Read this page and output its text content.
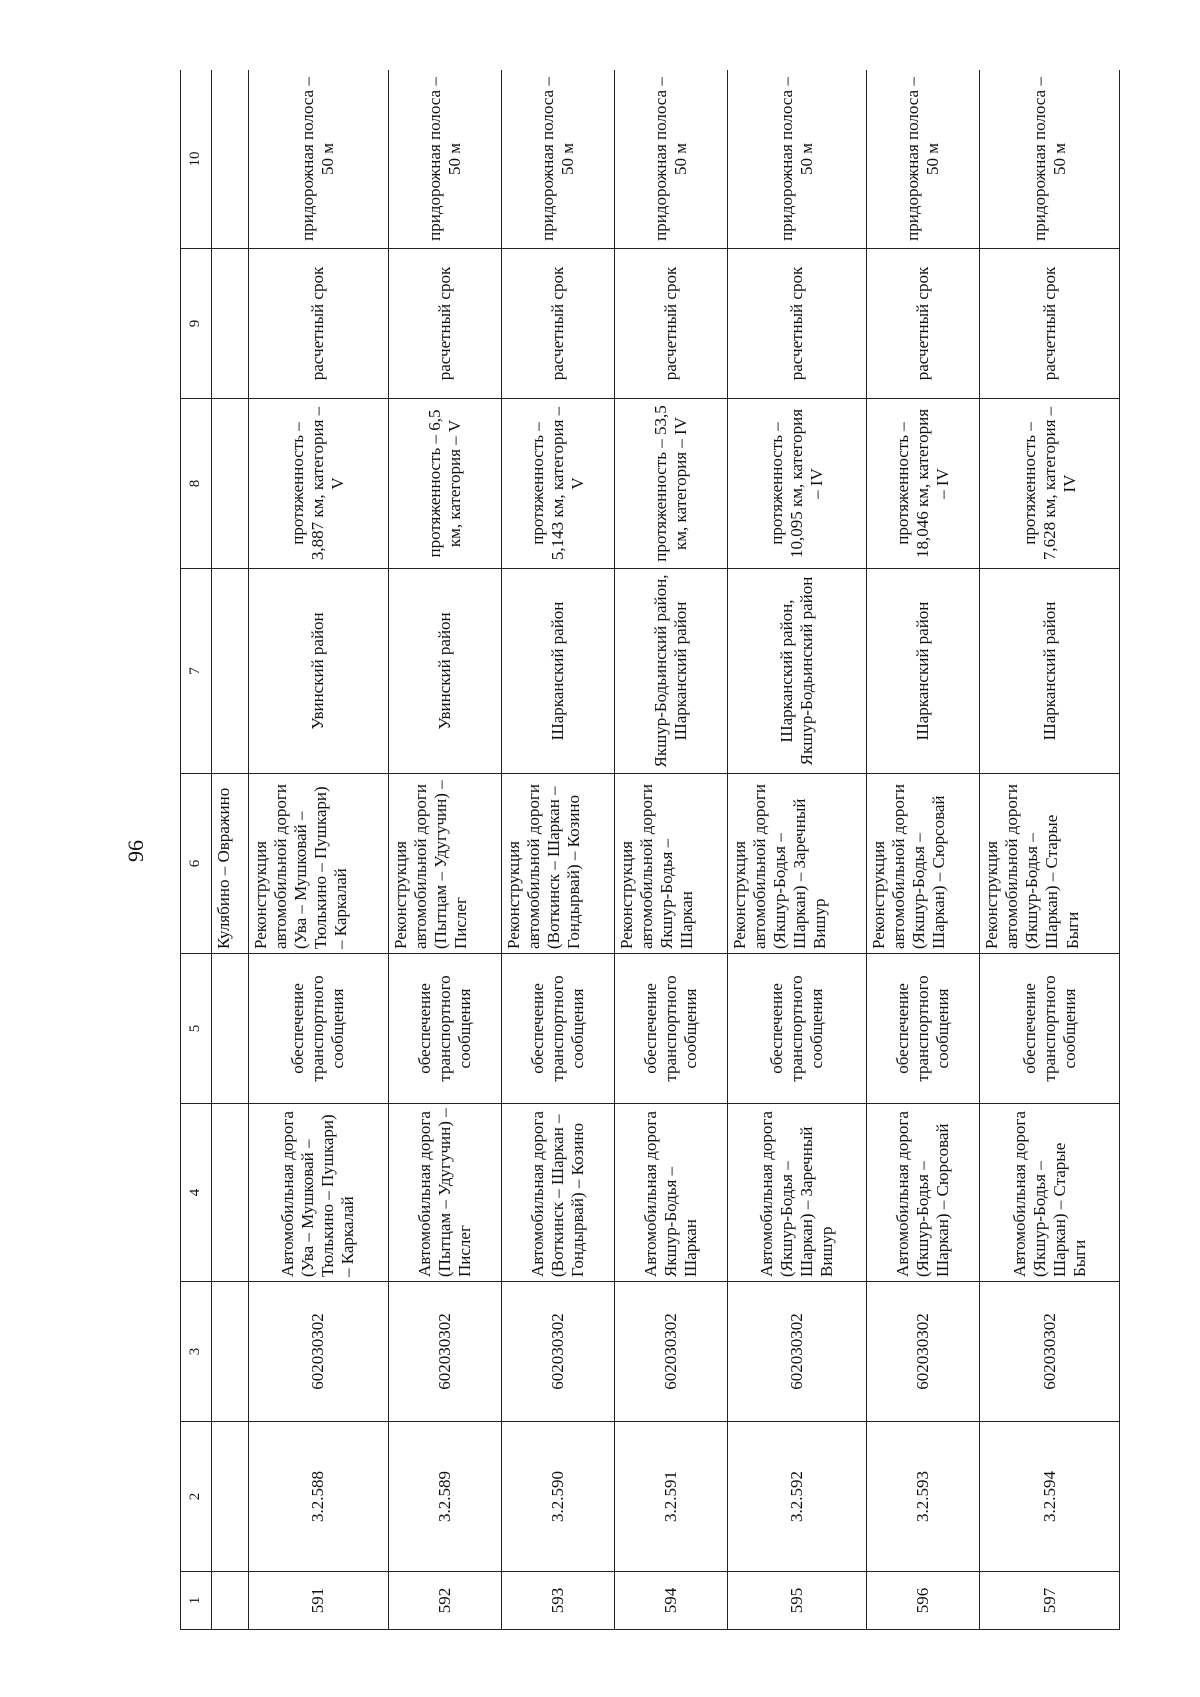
96
1	2	3	4	5	6	7	8	9	10
					Кулябино – Овражино				
591	3.2.588	602030302	Автомобильная дорога (Ува – Мушковай – Тюлькино – Пушкари) – Каркалай	обеспечение транспортного сообщения	Реконструкция автомобильной дороги (Ува – Мушковай – Тюлькино – Пушкари) – Каркалай	Увинский район	протяженность – 3,887 км, категория – V	расчетный срок	придорожная полоса – 50 м
592	3.2.589	602030302	Автомобильная дорога (Пытцам – Удугучин) – Пислег	обеспечение транспортного сообщения	Реконструкция автомобильной дороги (Пытцам – Удугучин) – Пислег	Увинский район	протяженность – 6,5 км, категория – V	расчетный срок	придорожная полоса – 50 м
593	3.2.590	602030302	Автомобильная дорога (Воткинск – Шаркан – Гондырвай) – Козино	обеспечение транспортного сообщения	Реконструкция автомобильной дороги (Воткинск – Шаркан – Гондырвай) – Козино	Шарканский район	протяженность – 5,143 км, категория – V	расчетный срок	придорожная полоса – 50 м
594	3.2.591	602030302	Автомобильная дорога Якшур-Бодья – Шаркан	обеспечение транспортного сообщения	Реконструкция автомобильной дороги Якшур-Бодья – Шаркан	Якшур-Бодьинский район, Шарканский район	протяженность – 53,5 км, категория – IV	расчетный срок	придорожная полоса – 50 м
595	3.2.592	602030302	Автомобильная дорога (Якшур-Бодья – Шаркан) – Заречный Вишур	обеспечение транспортного сообщения	Реконструкция автомобильной дороги (Якшур-Бодья – Шаркан) – Заречный Вишур	Шарканский район, Якшур-Бодьинский район	протяженность – 10,095 км, категория – IV	расчетный срок	придорожная полоса – 50 м
596	3.2.593	602030302	Автомобильная дорога (Якшур-Бодья – Шаркан) – Сюрсовай	обеспечение транспортного сообщения	Реконструкция автомобильной дороги (Якшур-Бодья – Шаркан) – Сюрсовай	Шарканский район	протяженность – 18,046 км, категория – IV	расчетный срок	придорожная полоса – 50 м
597	3.2.594	602030302	Автомобильная дорога (Якшур-Бодья – Шаркан) – Старые Быги	обеспечение транспортного сообщения	Реконструкция автомобильной дороги (Якшур-Бодья – Шаркан) – Старые Быги	Шарканский район	протяженность – 7,628 км, категория – IV	расчетный срок	придорожная полоса – 50 м
